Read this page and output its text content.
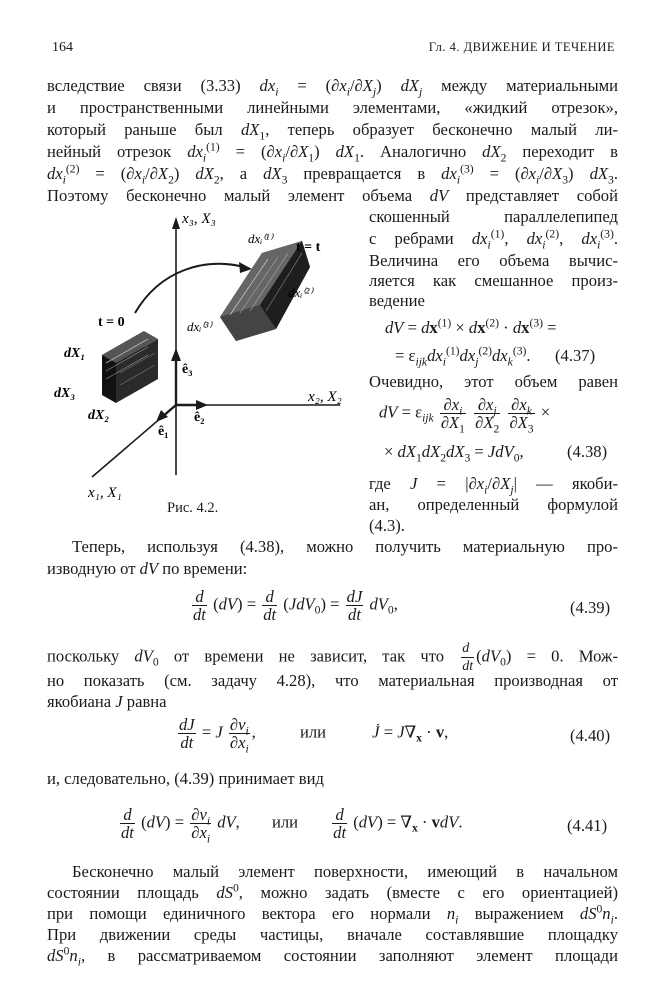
164	Гл. 4. ДВИЖЕНИЕ И ТЕЧЕНИЕ
вследствие связи (3.33) $dx_i = (\partial x_i/\partial X_j)$ $dX_j$ между материальными
и пространственными линейными элементами, «жидкий отрезок»,
который раньше был $dX_1$, теперь образует бесконечно малый ли-
нейный отрезок $dx_i^{(1)} = (\partial x_i/\partial X_1)$ $dX_1$. Аналогично $dX_2$ переходит в
$dx_i^{(2)} = (\partial x_i/\partial X_2)$ $dX_2$, а $dX_3$ превращается в $dx_i^{(3)} = (\partial x_i/\partial X_3)$ $dX_3$.
Поэтому бесконечно малый элемент объема dV представляет собой
x₃, X₃
x₂, X₂
x₁, X₁
t = 0
t = t
ê₃
ê₂
ê₁
dX₁
dX₃
dX₂
dxᵢ⁽¹⁾
dxᵢ⁽²⁾
dxᵢ⁽³⁾
Рис. 4.2.
скошенный параллелепипед
с ребрами $dx_i^{(1)}$, $dx_i^{(2)}$, $dx_i^{(3)}$.
Величина его объема вычис-
ляется как смешанное произ-
ведение
dV = $dx^{(1)} \times dx^{(2)} \cdot dx^{(3)}$ =
= $\varepsilon_{ijk}dx_i^{(1)}dx_j^{(2)}dx_k^{(3)}$. (4.37)
Очевидно, этот объем равен
dV = $\varepsilon_{ijk} \frac{\partial x_i}{\partial X_1}$
$\frac{\partial x_j}{\partial X_2}$
$\frac{\partial x_k}{\partial X_3}$ ×
× $dX_1dX_2dX_3 = JdV_0$,	(4.38)
где $J = |\partial x_i/\partial X_j|$ — якоби-
ан, определенный формулой
(4.3).
Теперь, используя (4.38), можно получить материальную про-
изводную от dV по времени:
$\frac{d}{dt} (dV) = \frac{d}{dt} (JdV_0) = \frac{dJ}{dt} dV_0$,	(4.39)
поскольку $dV_0$ от времени не зависит, так что $\frac{d}{dt} (dV_0) = 0$. Мож-
но показать (см. задачу 4.28), что материальная производная от
якобиана J равна
$\frac{dJ}{dt} = J \frac{\partial v_i}{\partial x_i}$ , или	J̇ = $J\nabla_x \cdot v$,	(4.40)
и, следовательно, (4.39) принимает вид
$\frac{d}{dt} (dV) = \frac{\partial v_i}{\partial x_i}$ dV, или $\frac{d}{dt} (dV) = \nabla_x$ · vdV.	(4.41)
Бесконечно малый элемент поверхности, имеющий в начальном
состоянии площадь $dS^0$, можно задать (вместе с его ориентацией)
при помощи единичного вектора его нормали $n_i$ выражением $dS^0n_i$.
При движении среды частицы, вначале составлявшие площадку
$dS^0n_i$, в рассматриваемом состоянии заполняют элемент площади
